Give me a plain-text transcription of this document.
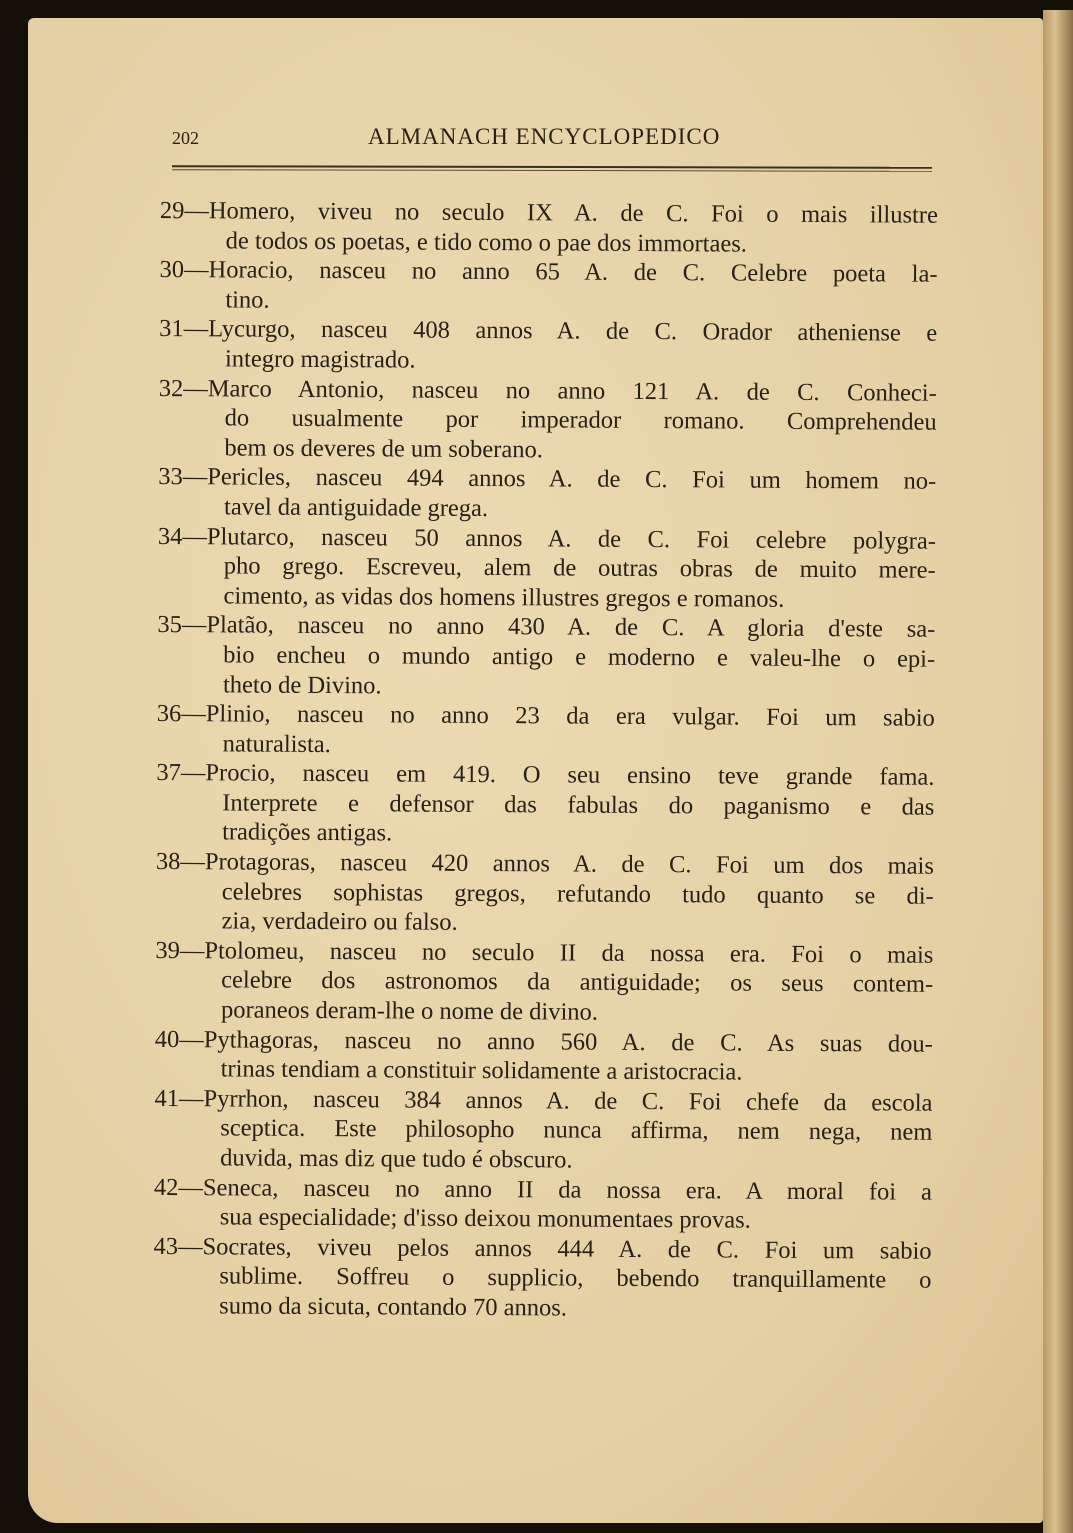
202	ALMANACH ENCYCLOPEDICO
29—Homero, viveu no seculo IX A. de C. Foi o mais illustre
de todos os poetas, e tido como o pae dos immortaes.
30—Horacio, nasceu no anno 65 A. de C. Celebre poeta la-
tino.
31—Lycurgo, nasceu 408 annos A. de C. Orador atheniense e
integro magistrado.
32—Marco Antonio, nasceu no anno 121 A. de C. Conheci-
do usualmente por imperador romano. Comprehendeu
bem os deveres de um soberano.
33—Pericles, nasceu 494 annos A. de C. Foi um homem no-
tavel da antiguidade grega.
34—Plutarco, nasceu 50 annos A. de C. Foi celebre polygra-
pho grego. Escreveu, alem de outras obras de muito mere-
cimento, as vidas dos homens illustres gregos e romanos.
35—Platão, nasceu no anno 430 A. de C. A gloria d'este sa-
bio encheu o mundo antigo e moderno e valeu-lhe o epi-
theto de Divino.
36—Plinio, nasceu no anno 23 da era vulgar. Foi um sabio
naturalista.
37—Procio, nasceu em 419. O seu ensino teve grande fama.
Interprete e defensor das fabulas do paganismo e das
tradições antigas.
38—Protagoras, nasceu 420 annos A. de C. Foi um dos mais
celebres sophistas gregos, refutando tudo quanto se di-
zia, verdadeiro ou falso.
39—Ptolomeu, nasceu no seculo II da nossa era. Foi o mais
celebre dos astronomos da antiguidade; os seus contem-
poraneos deram-lhe o nome de divino.
40—Pythagoras, nasceu no anno 560 A. de C. As suas dou-
trinas tendiam a constituir solidamente a aristocracia.
41—Pyrrhon, nasceu 384 annos A. de C. Foi chefe da escola
sceptica. Este philosopho nunca affirma, nem nega, nem
duvida, mas diz que tudo é obscuro.
42—Seneca, nasceu no anno II da nossa era. A moral foi a
sua especialidade; d'isso deixou monumentaes provas.
43—Socrates, viveu pelos annos 444 A. de C. Foi um sabio
sublime. Soffreu o supplicio, bebendo tranquillamente o
sumo da sicuta, contando 70 annos.
